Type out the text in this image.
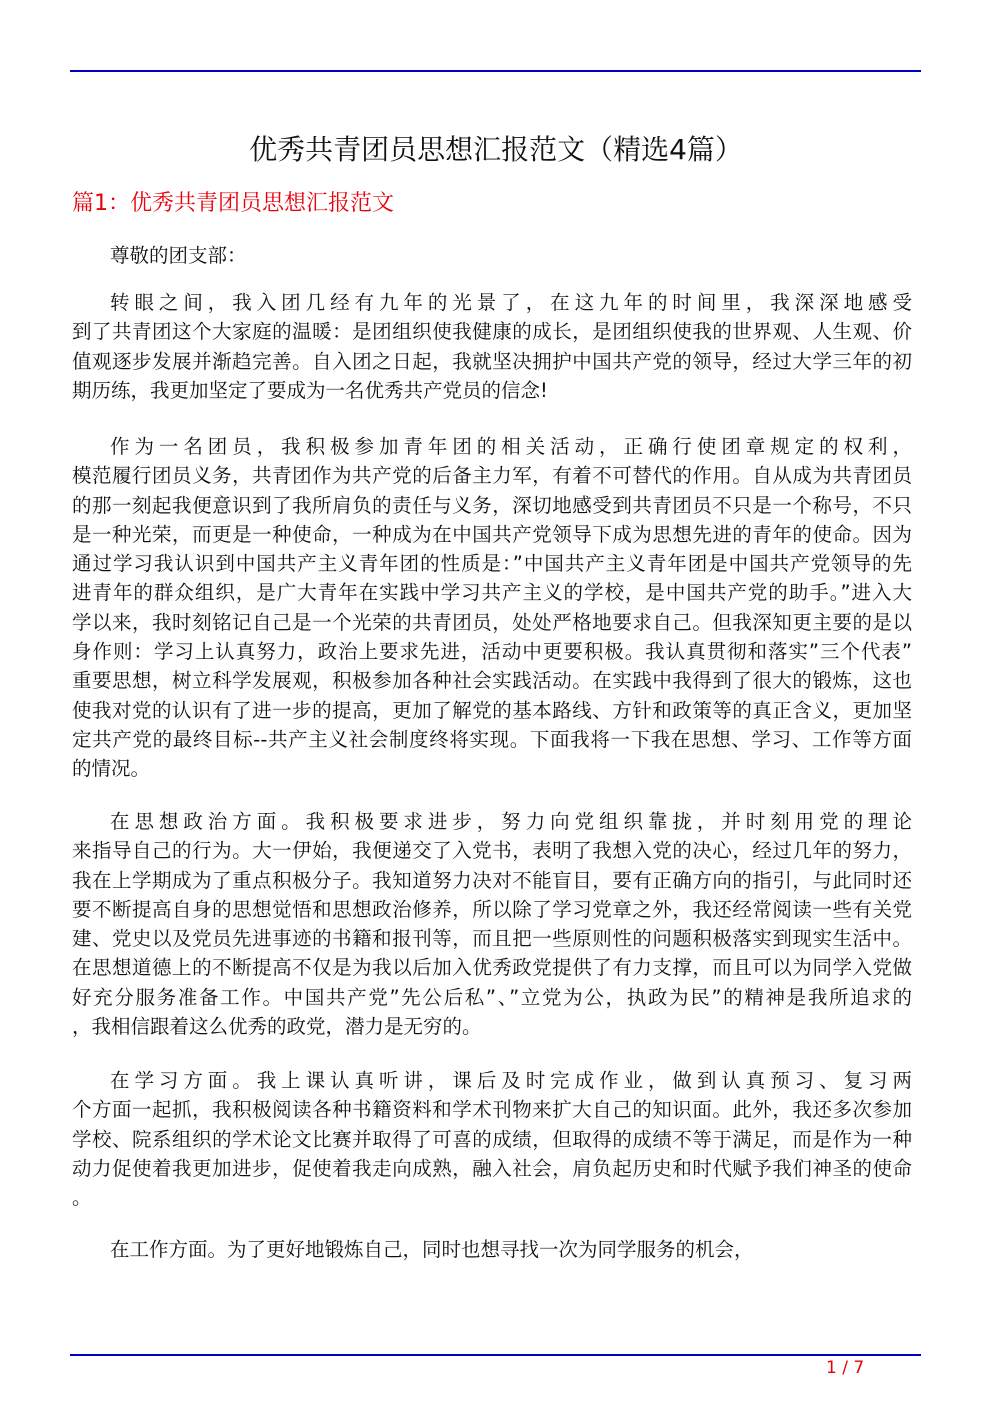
优秀共青团员思想汇报范文（精选4篇）
篇1：优秀共青团员思想汇报范文
尊敬的团支部：
转眼之间，我入团几经有九年的光景了，在这九年的时间里，我深深地感受
到了共青团这个大家庭的温暖：是团组织使我健康的成长，是团组织使我的世界观、人生观、价
值观逐步发展并渐趋完善。自入团之日起，我就坚决拥护中国共产党的领导，经过大学三年的初
期历练，我更加坚定了要成为一名优秀共产党员的信念!
作为一名团员，我积极参加青年团的相关活动，正确行使团章规定的权利，
模范履行团员义务，共青团作为共产党的后备主力军，有着不可替代的作用。自从成为共青团员
的那一刻起我便意识到了我所肩负的责任与义务，深切地感受到共青团员不只是一个称号，不只
是一种光荣，而更是一种使命，一种成为在中国共产党领导下成为思想先进的青年的使命。因为
通过学习我认识到中国共产主义青年团的性质是：”中国共产主义青年团是中国共产党领导的先
进青年的群众组织，是广大青年在实践中学习共产主义的学校，是中国共产党的助手。”进入大
学以来，我时刻铭记自己是一个光荣的共青团员，处处严格地要求自己。但我深知更主要的是以
身作则：学习上认真努力，政治上要求先进，活动中更要积极。我认真贯彻和落实”三个代表”
重要思想，树立科学发展观，积极参加各种社会实践活动。在实践中我得到了很大的锻炼，这也
使我对党的认识有了进一步的提高，更加了解党的基本路线、方针和政策等的真正含义，更加坚
定共产党的最终目标--共产主义社会制度终将实现。下面我将一下我在思想、学习、工作等方面
的情况。
在思想政治方面。我积极要求进步，努力向党组织靠拢，并时刻用党的理论
来指导自己的行为。大一伊始，我便递交了入党书，表明了我想入党的决心，经过几年的努力，
我在上学期成为了重点积极分子。我知道努力决对不能盲目，要有正确方向的指引，与此同时还
要不断提高自身的思想觉悟和思想政治修养，所以除了学习党章之外，我还经常阅读一些有关党
建、党史以及党员先进事迹的书籍和报刊等，而且把一些原则性的问题积极落实到现实生活中。
在思想道德上的不断提高不仅是为我以后加入优秀政党提供了有力支撑，而且可以为同学入党做
好充分服务准备工作。中国共产党”先公后私”、”立党为公，执政为民”的精神是我所追求的
，我相信跟着这么优秀的政党，潜力是无穷的。
在学习方面。我上课认真听讲，课后及时完成作业，做到认真预习、复习两
个方面一起抓，我积极阅读各种书籍资料和学术刊物来扩大自己的知识面。此外，我还多次参加
学校、院系组织的学术论文比赛并取得了可喜的成绩，但取得的成绩不等于满足，而是作为一种
动力促使着我更加进步，促使着我走向成熟，融入社会，肩负起历史和时代赋予我们神圣的使命
。
在工作方面。为了更好地锻炼自己，同时也想寻找一次为同学服务的机会，
1 / 7
